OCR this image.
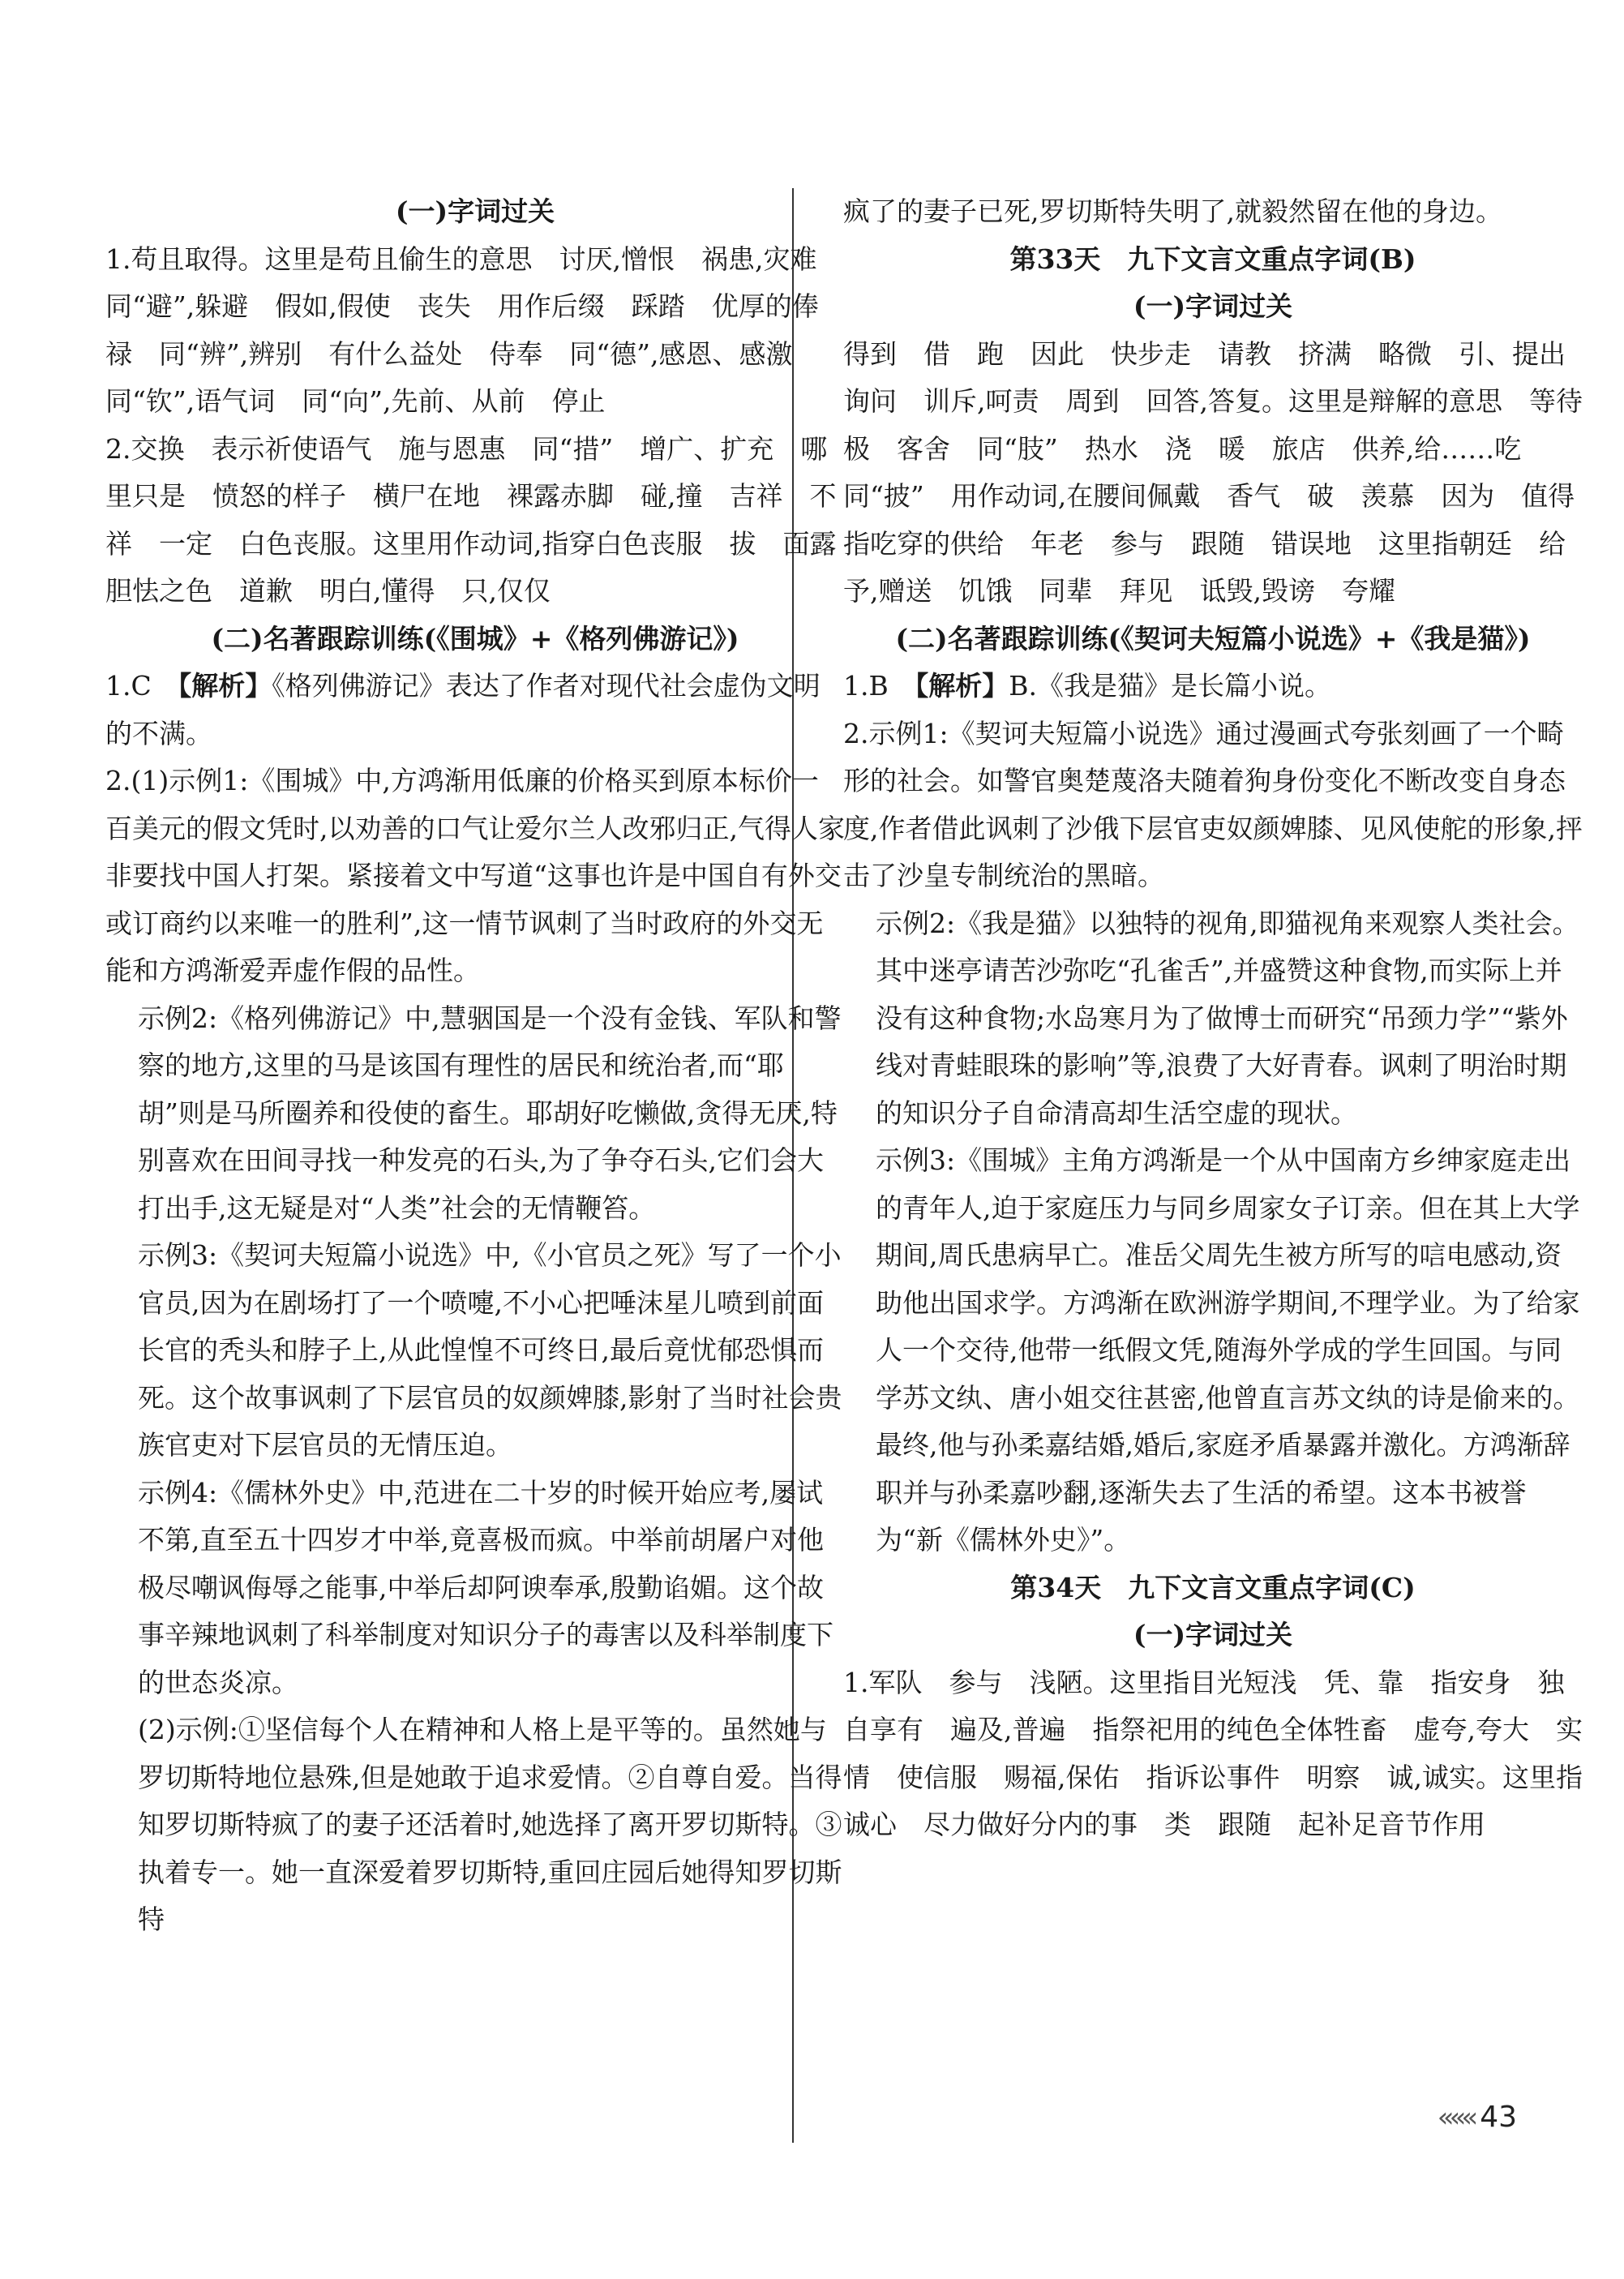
(一)字词过关
1.苟且取得。这里是苟且偷生的意思　讨厌,憎恨　祸患,灾难　同“避”,躲避　假如,假使　丧失　用作后缀　踩踏　优厚的俸禄　同“辨”,辨别　有什么益处　侍奉　同“德”,感恩、感激　同“钦”,语气词　同“向”,先前、从前　停止
2.交换　表示祈使语气　施与恩惠　同“措”　增广、扩充　哪里只是　愤怒的样子　横尸在地　裸露赤脚　碰,撞　吉祥　不祥　一定　白色丧服。这里用作动词,指穿白色丧服　拔　面露胆怯之色　道歉　明白,懂得　只,仅仅
(二)名著跟踪训练(《围城》+《格列佛游记》)
1.C　【解析】《格列佛游记》表达了作者对现代社会虚伪文明的不满。
2.(1)示例1:《围城》中,方鸿渐用低廉的价格买到原本标价一百美元的假文凭时,以劝善的口气让爱尔兰人改邪归正,气得人家非要找中国人打架。紧接着文中写道“这事也许是中国自有外交或订商约以来唯一的胜利”,这一情节讽刺了当时政府的外交无能和方鸿渐爱弄虚作假的品性。
示例2:《格列佛游记》中,慧骃国是一个没有金钱、军队和警察的地方,这里的马是该国有理性的居民和统治者,而“耶胡”则是马所圈养和役使的畜生。耶胡好吃懒做,贪得无厌,特别喜欢在田间寻找一种发亮的石头,为了争夺石头,它们会大打出手,这无疑是对“人类”社会的无情鞭笞。
示例3:《契诃夫短篇小说选》中,《小官员之死》写了一个小官员,因为在剧场打了一个喷嚏,不小心把唾沫星儿喷到前面长官的秃头和脖子上,从此惶惶不可终日,最后竟忧郁恐惧而死。这个故事讽刺了下层官员的奴颜婢膝,影射了当时社会贵族官吏对下层官员的无情压迫。
示例4:《儒林外史》中,范进在二十岁的时候开始应考,屡试不第,直至五十四岁才中举,竟喜极而疯。中举前胡屠户对他极尽嘲讽侮辱之能事,中举后却阿谀奉承,殷勤谄媚。这个故事辛辣地讽刺了科举制度对知识分子的毒害以及科举制度下的世态炎凉。
(2)示例:①坚信每个人在精神和人格上是平等的。虽然她与罗切斯特地位悬殊,但是她敢于追求爱情。②自尊自爱。当得知罗切斯特疯了的妻子还活着时,她选择了离开罗切斯特。③执着专一。她一直深爱着罗切斯特,重回庄园后她得知罗切斯特
疯了的妻子已死,罗切斯特失明了,就毅然留在他的身边。
第33天　九下文言文重点字词(B)
(一)字词过关
得到　借　跑　因此　快步走　请教　挤满　略微　引、提出　询问　训斥,呵责　周到　回答,答复。这里是辩解的意思　等待　极　客舍　同“肢”　热水　浇　暖　旅店　供养,给……吃　同“披”　用作动词,在腰间佩戴　香气　破　羡慕　因为　值得　指吃穿的供给　年老　参与　跟随　错误地　这里指朝廷　给予,赠送　饥饿　同辈　拜见　诋毁,毁谤　夸耀
(二)名著跟踪训练(《契诃夫短篇小说选》+《我是猫》)
1.B　【解析】B.《我是猫》是长篇小说。
2.示例1:《契诃夫短篇小说选》通过漫画式夸张刻画了一个畸形的社会。如警官奥楚蔑洛夫随着狗身份变化不断改变自身态度,作者借此讽刺了沙俄下层官吏奴颜婢膝、见风使舵的形象,抨击了沙皇专制统治的黑暗。
示例2:《我是猫》以独特的视角,即猫视角来观察人类社会。其中迷亭请苦沙弥吃“孔雀舌”,并盛赞这种食物,而实际上并没有这种食物;水岛寒月为了做博士而研究“吊颈力学”“紫外线对青蛙眼珠的影响”等,浪费了大好青春。讽刺了明治时期的知识分子自命清高却生活空虚的现状。
示例3:《围城》主角方鸿渐是一个从中国南方乡绅家庭走出的青年人,迫于家庭压力与同乡周家女子订亲。但在其上大学期间,周氏患病早亡。准岳父周先生被方所写的唁电感动,资助他出国求学。方鸿渐在欧洲游学期间,不理学业。为了给家人一个交待,他带一纸假文凭,随海外学成的学生回国。与同学苏文纨、唐小姐交往甚密,他曾直言苏文纨的诗是偷来的。最终,他与孙柔嘉结婚,婚后,家庭矛盾暴露并激化。方鸿渐辞职并与孙柔嘉吵翻,逐渐失去了生活的希望。这本书被誉为“新《儒林外史》”。
第34天　九下文言文重点字词(C)
(一)字词过关
1.军队　参与　浅陋。这里指目光短浅　凭、靠　指安身　独自享有　遍及,普遍　指祭祀用的纯色全体牲畜　虚夸,夸大　实情　使信服　赐福,保佑　指诉讼事件　明察　诚,诚实。这里指诚心　尽力做好分内的事　类　跟随　起补足音节作用
««« 43
